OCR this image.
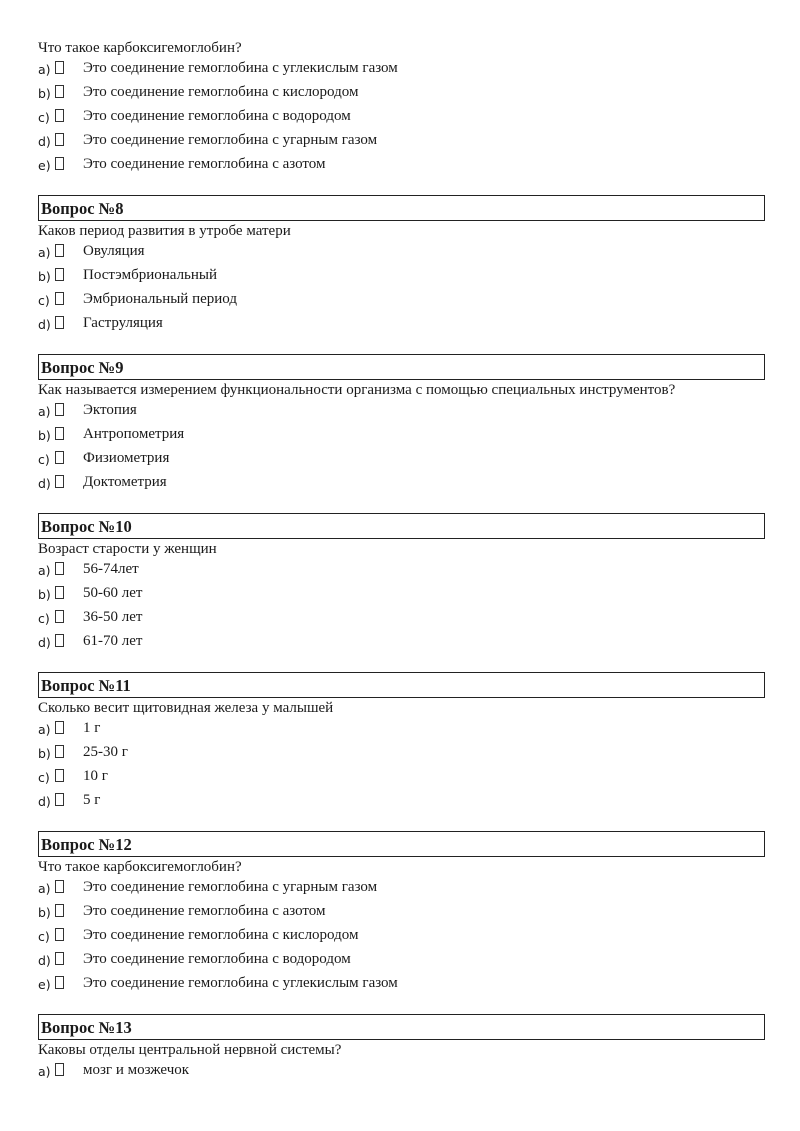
Что такое карбоксигемоглобин?
a) Это соединение гемоглобина с углекислым газом
b) Это соединение гемоглобина с кислородом
c) Это соединение гемоглобина с водородом
d) Это соединение гемоглобина с угарным газом
e) Это соединение гемоглобина с азотом
Вопрос №8
Каков период развития в утробе матери
a) Овуляция
b) Постэмбриональный
c) Эмбриональный период
d) Гаструляция
Вопрос №9
Как называется измерением функциональности организма с помощью специальных инструментов?
a) Эктопия
b) Антропометрия
c) Физиометрия
d) Доктометрия
Вопрос №10
Возраст старости у женщин
a) 56-74лет
b) 50-60 лет
c) 36-50 лет
d) 61-70 лет
Вопрос №11
Сколько весит щитовидная железа у малышей
a) 1 г
b) 25-30 г
c) 10 г
d) 5 г
Вопрос №12
Что такое карбоксигемоглобин?
a) Это соединение гемоглобина с угарным газом
b) Это соединение гемоглобина с азотом
c) Это соединение гемоглобина с кислородом
d) Это соединение гемоглобина с водородом
e) Это соединение гемоглобина с углекислым газом
Вопрос №13
Каковы отделы центральной нервной системы?
a) мозг и мозжечок
